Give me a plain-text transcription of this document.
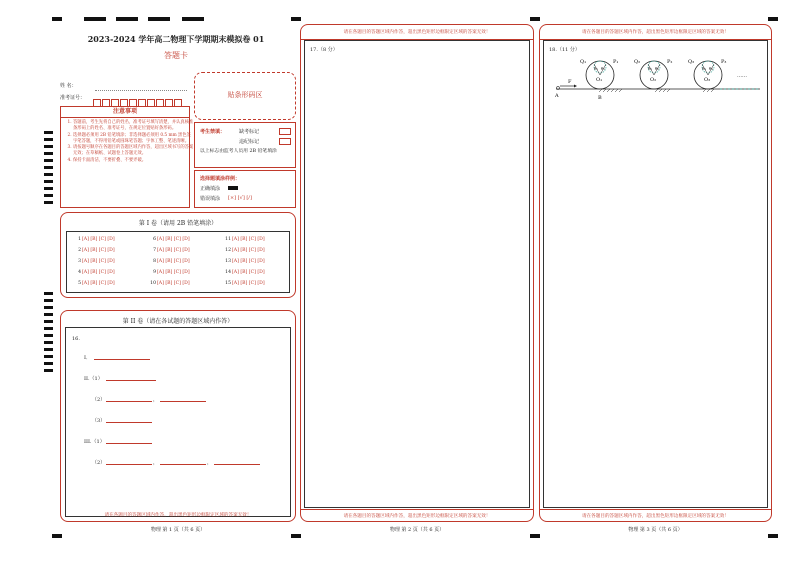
2023-2024 学年高二物理下学期期末模拟卷 01
答题卡
姓 名：
准考证号：	贴条形码区
注意事项
1. 答题前，考生先将自己的姓名，准考证号填写清楚，并认真核准条形码上的姓名、准考证号，在规定位置贴好条形码。
2. 选择题必须用 2B 铅笔填涂；非选择题必须用 0.5 mm 黑色签字笔答题，不得用铅笔或圆珠笔答题；字体工整、笔迹清晰。
3. 请按题号顺序在各题目的答题区域内作答，超出区域书写的答案无效；在草稿纸、试题卷上答题无效。
4. 保持卡面清洁，不要折叠、不要弄破。
考生禁填：	缺考标记
违纪标记
以上标志由监考人员用 2B 铅笔填涂
选择题填涂样例：
正确填涂
错误填涂 [×] [√] [/]
第 I 卷（请用 2B 铅笔填涂）
1[A] [B] [C] [D]
2[A] [B] [C] [D]
3[A] [B] [C] [D]
4[A] [B] [C] [D]
5[A] [B] [C] [D]
6[A] [B] [C] [D]
7[A] [B] [C] [D]
8[A] [B] [C] [D]
9[A] [B] [C] [D]
10[A] [B] [C] [D]
11[A] [B] [C] [D]
12[A] [B] [C] [D]
13[A] [B] [C] [D]
14[A] [B] [C] [D]
15[A] [B] [C] [D]
第 II 卷（请在各试题的答题区域内作答）
16.
I．
II.（1）
（2）	，
（3）
III.（1）
（2）	，	，
请在各题目的答题区域内作答，超出黑色矩形边框限定区域的答案无效！
物理 第 1 页（共 6 页）
请在各题目的答题区域内作答，超出黑色矩形边框限定区域的答案无效！
17.（8 分）
请在各题目的答题区域内作答，超出黑色矩形边框限定区域的答案无效！
物理 第 2 页（共 6 页）
请在各题目的答题区域内作答，超出黑色矩形边框限定区域的答案无效！
18.（11 分）
Q₁	P₁	Q₂	P₂	Q₃	P₃
θ₁ θ₁	θ₂ θ₂	θ₃ θ₃
O₁	O₂	O₃
F
A	B
……
请在各题目的答题区域内作答，超出黑色矩形边框限定区域的答案无效！
物理 第 3 页（共 6 页）
